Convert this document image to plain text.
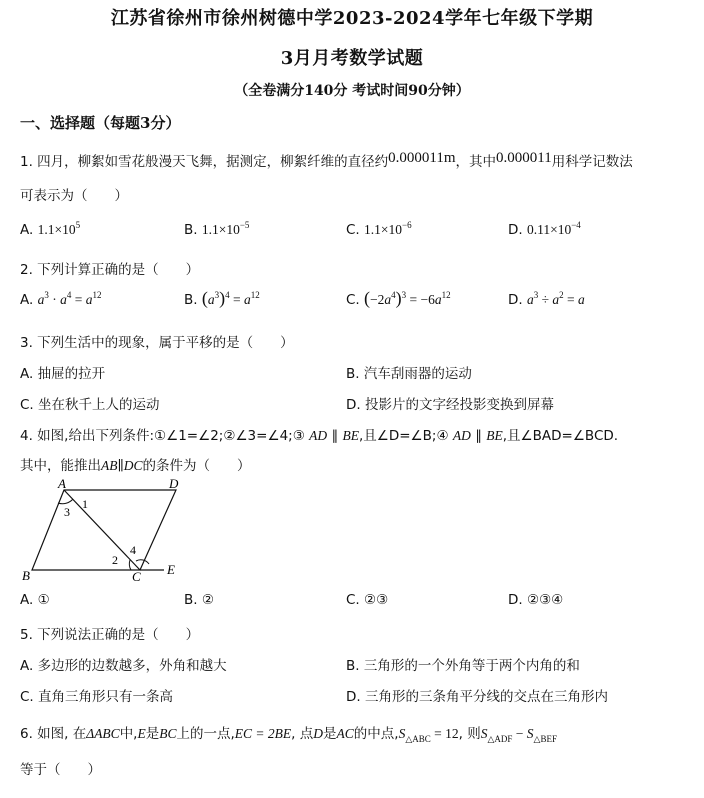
江苏省徐州市徐州树德中学2023-2024学年七年级下学期
3月月考数学试题
（全卷满分140分 考试时间90分钟）
一、选择题（每题3分）
1. 四月，柳絮如雪花般漫天飞舞，据测定，柳絮纤维的直径约0.000011m，其中0.000011用科学记数法
可表示为（　　）
A. $1.1\times 10^5$	B. $1.1\times 10^{-5}$	C. $1.1\times 10^{-6}$	D. $0.11\times 10^{-4}$
2. 下列计算正确的是（　　）
A. $a^3 \cdot a^4 = a^{12}$	B. $(a^3)^4 = a^{12}$	C. $(-2a^4)^3 = -6a^{12}$	D. $a^3 \div a^2 = a$
3. 下列生活中的现象，属于平移的是（　　）
A. 抽屉的拉开	B. 汽车刮雨器的运动
C. 坐在秋千上人的运动	D. 投影片的文字经投影变换到屏幕
4. 如图,给出下列条件:①∠1=∠2;②∠3=∠4;③ AD ∥ BE,且∠D=∠B;④ AD ∥ BE,且∠BAD=∠BCD.
其中，能推出AB∥DC的条件为（　　）
A	D
B	C E
1
2
3
4
A. ①	B. ②	C. ②③	D. ②③④
5. 下列说法正确的是（　　）
A. 多边形的边数越多，外角和越大	B. 三角形的一个外角等于两个内角的和
C. 直角三角形只有一条高	D. 三角形的三条角平分线的交点在三角形内
6. 如图, 在ΔABC中,E是BC上的一点,EC = 2BE, 点D是AC的中点$,S_{\triangle ABC} = 12$, 则$S_{\triangle ADF} - S_{\triangle BEF}$
等于（　　）
